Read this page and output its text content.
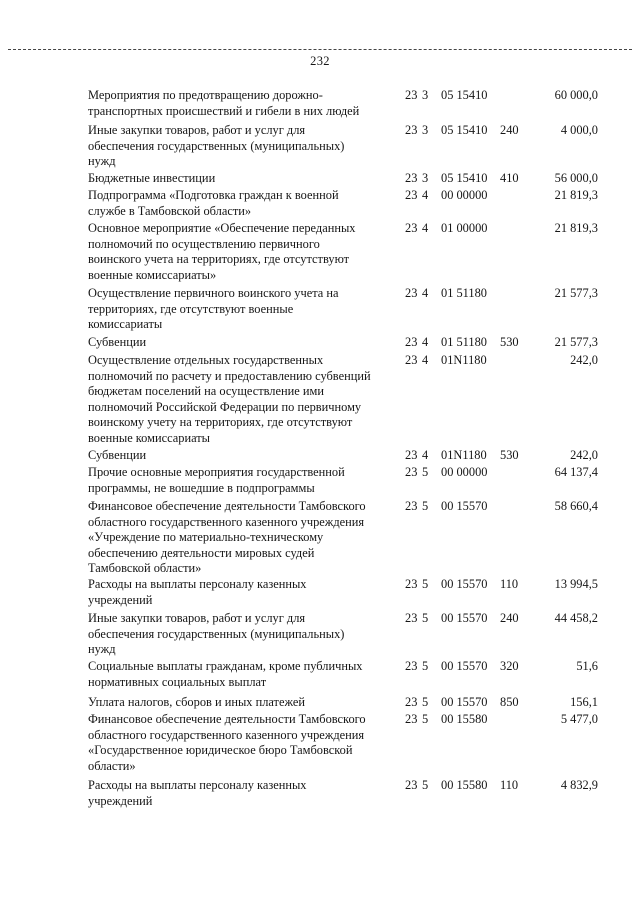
232
Мероприятия по предотвращению дорожно-
транспортных происшествий и гибели в них людей
23 3 05 15410	60 000,0
Иные закупки товаров, работ и услуг для
обеспечения государственных (муниципальных)
нужд
23 3 05 15410 240	4 000,0
Бюджетные инвестиции	23 3 05 15410 410	56 000,0
Подпрограмма «Подготовка граждан к военной
службе в Тамбовской области»
23 4 00 00000	21 819,3
Основное мероприятие «Обеспечение переданных
полномочий по осуществлению первичного
воинского учета на территориях, где отсутствуют
военные комиссариаты»
23 4 01 00000	21 819,3
Осуществление первичного воинского учета на
территориях, где отсутствуют военные
комиссариаты
23 4 01 51180	21 577,3
Субвенции	23 4 01 51180 530	21 577,3
Осуществление отдельных государственных
полномочий по расчету и предоставлению субвенций
бюджетам поселений на осуществление ими
полномочий Российской Федерации по первичному
воинскому учету на территориях, где отсутствуют
военные комиссариаты
23 4 01N1180	242,0
Субвенции	23 4 01N1180 530	242,0
Прочие основные мероприятия государственной
программы, не вошедшие в подпрограммы
23 5 00 00000	64 137,4
Финансовое обеспечение деятельности Тамбовского
областного государственного казенного учреждения
«Учреждение по материально-техническому
обеспечению деятельности мировых судей
Тамбовской области»
23 5 00 15570	58 660,4
Расходы на выплаты персоналу казенных
учреждений
23 5 00 15570 110	13 994,5
Иные закупки товаров, работ и услуг для
обеспечения государственных (муниципальных)
нужд
23 5 00 15570 240	44 458,2
Социальные выплаты гражданам, кроме публичных
нормативных социальных выплат
23 5 00 15570 320	51,6
Уплата налогов, сборов и иных платежей	23 5 00 15570 850	156,1
Финансовое обеспечение деятельности Тамбовского
областного государственного казенного учреждения
«Государственное юридическое бюро Тамбовской
области»
23 5 00 15580	5 477,0
Расходы на выплаты персоналу казенных
учреждений
23 5 00 15580 110	4 832,9
